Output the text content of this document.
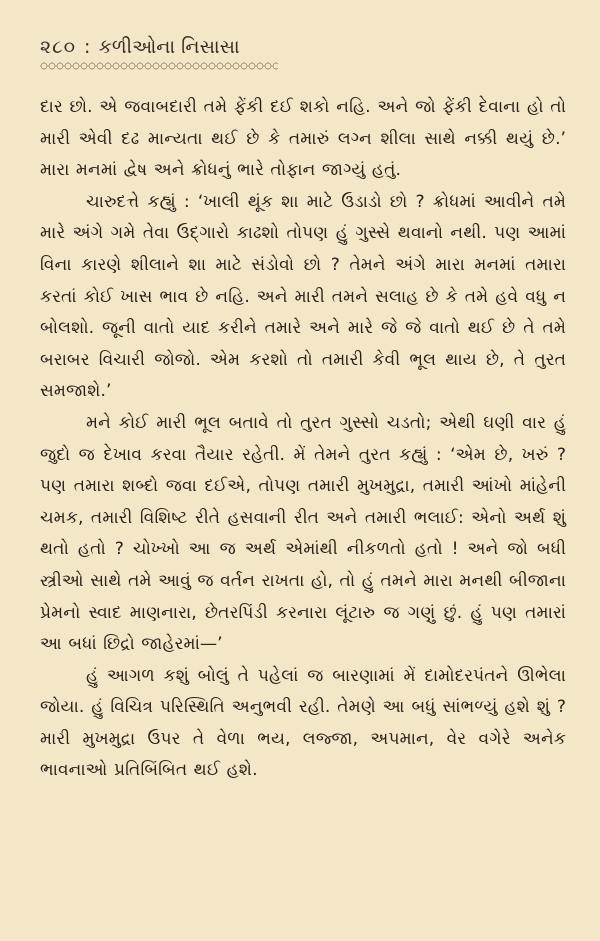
૨૮૦ : કળીઓના નિસાસા

દાર છો. એ જવાબદારી તમે ફેંકી દઈ શકો નહિ. અને જો ફેંકી દેવાના હો તો મારી એવી દઢ માન્યતા થઈ છે કે તમારું લગ્ન શીલા સાથે નક્કી થયું છે.’ મારા મનમાં દ્વેષ અને ક્રોધનું ભારે તોફાન જાગ્યું હતું.

ચારુદત્તે કહ્યું : ‘ખાલી થૂંક શા માટે ઉડાડો છો ? ક્રોધમાં આવીને તમે મારે અંગે ગમે તેવા ઉદ્ગારો કાઢશો તોપણ હું ગુસ્સે થવાનો નથી. પણ આમાં વિના કારણે શીલાને શા માટે સંડોવો છો ? તેમને અંગે મારા મનમાં તમારા કરતાં કોઈ ખાસ ભાવ છે નહિ. અને મારી તમને સલાહ છે કે તમે હવે વધુ ન બોલશો. જૂની વાતો યાદ કરીને તમારે અને મારે જે જે વાતો થઈ છે તે તમે બરાબર વિચારી જોજો. એમ કરશો તો તમારી કેવી ભૂલ થાય છે, તે તુરત સમજાશે.’

મને કોઈ મારી ભૂલ બતાવે તો તુરત ગુસ્સો ચડતો; એથી ઘણી વાર હું જુદો જ દેખાવ કરવા તૈયાર રહેતી. મેં તેમને તુરત કહ્યું : ‘એમ છે, ખરું ? પણ તમારા શબ્દો જવા દઈએ, તોપણ તમારી મુખમુદ્રા, તમારી આંખો માંહેની ચમક, તમારી વિશિષ્ટ રીતે હસવાની રીત અને તમારી ભલાઈ: એનો અર્થ શું થતો હતો ? ચોખ્ખો આ જ અર્થ એમાંથી નીકળતો હતો ! અને જો બધી સ્ત્રીઓ સાથે તમે આવું જ વર્તન રાખતા હો, તો હું તમને મારા મનથી બીજાના પ્રેમનો સ્વાદ માણનારા, છેતરપિંડી કરનારા લૂંટારુ જ ગણું છું. હું પણ તમારાં આ બધાં છિદ્રો જાહેરમાં—’

હું આગળ કશું બોલું તે પહેલાં જ બારણામાં મેં દામોદરપંતને ઊભેલા જોયા. હું વિચિત્ર પરિસ્થિતિ અનુભવી રહી. તેમણે આ બધું સાંભળ્યું હશે શું ? મારી મુખમુદ્રા ઉપર તે વેળા ભય, લજ્જા, અપમાન, વેર વગેરે અનેક ભાવનાઓ પ્રતિબિંબિત થઈ હશે.
